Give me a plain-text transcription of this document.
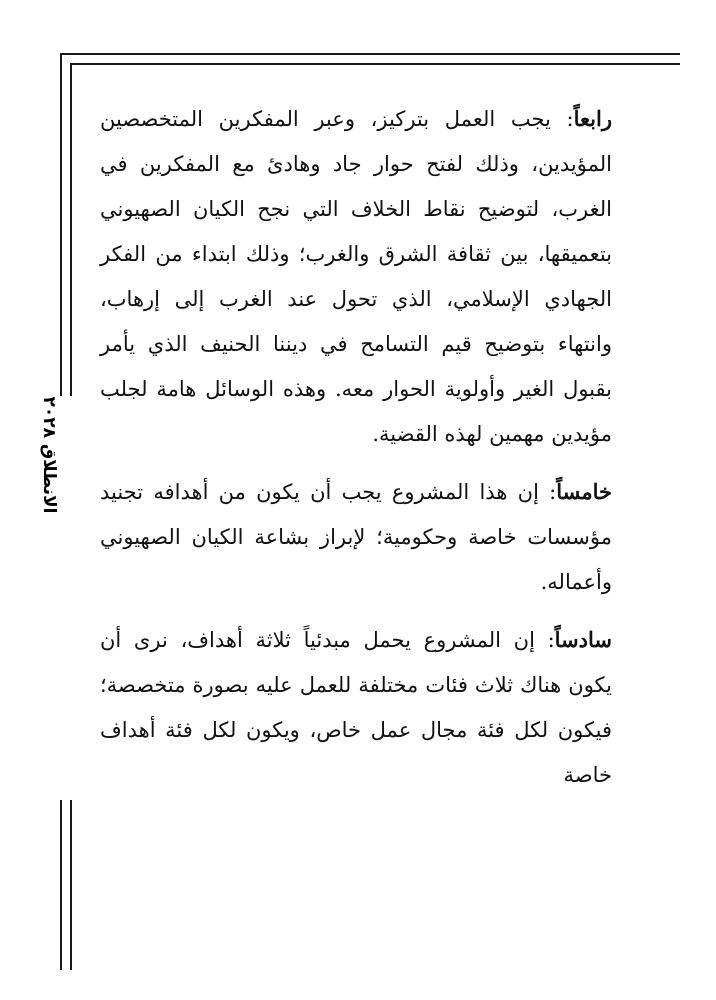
الانطلاق ٢٠٢٨

رابعاً: يجب العمل بتركيز، وعبر المفكرين المتخصصين المؤيدين، وذلك لفتح حوار جاد وهادئ مع المفكرين في الغرب، لتوضيح نقاط الخلاف التي نجح الكيان الصهيوني بتعميقها، بين ثقافة الشرق والغرب؛ وذلك ابتداء من الفكر الجهادي الإسلامي، الذي تحول عند الغرب إلى إرهاب، وانتهاء بتوضيح قيم التسامح في ديننا الحنيف الذي يأمر بقبول الغير وأولوية الحوار معه. وهذه الوسائل هامة لجلب مؤيدين مهمين لهذه القضية.

خامساً: إن هذا المشروع يجب أن يكون من أهدافه تجنيد مؤسسات خاصة وحكومية؛ لإبراز بشاعة الكيان الصهيوني وأعماله.

سادساً: إن المشروع يحمل مبدئياً ثلاثة أهداف، نرى أن يكون هناك ثلاث فئات مختلفة للعمل عليه بصورة متخصصة؛ فيكون لكل فئة مجال عمل خاص، ويكون لكل فئة أهداف خاصة
